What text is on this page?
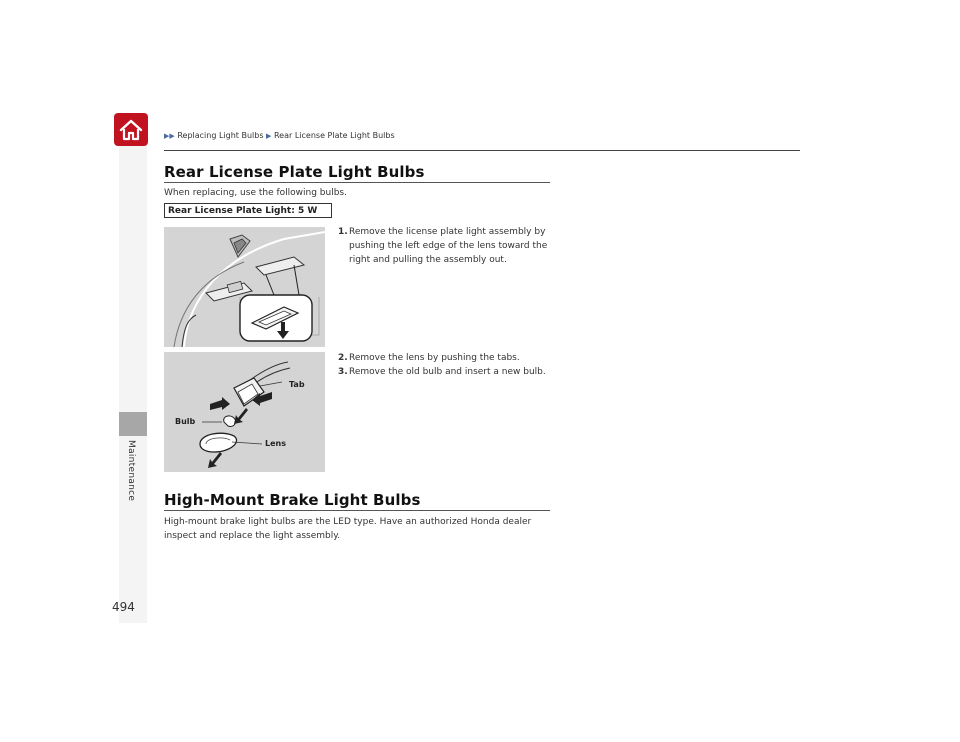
Maintenance
▶▶ Replacing Light Bulbs ▶ Rear License Plate Light Bulbs
Rear License Plate Light Bulbs
When replacing, use the following bulbs.
Rear License Plate Light: 5 W
Tab
Bulb
Lens
1. Remove the license plate light assembly by
pushing the left edge of the lens toward the
right and pulling the assembly out.
2. Remove the lens by pushing the tabs.
3. Remove the old bulb and insert a new bulb.
High-Mount Brake Light Bulbs
High-mount brake light bulbs are the LED type. Have an authorized Honda dealer
inspect and replace the light assembly.
494
